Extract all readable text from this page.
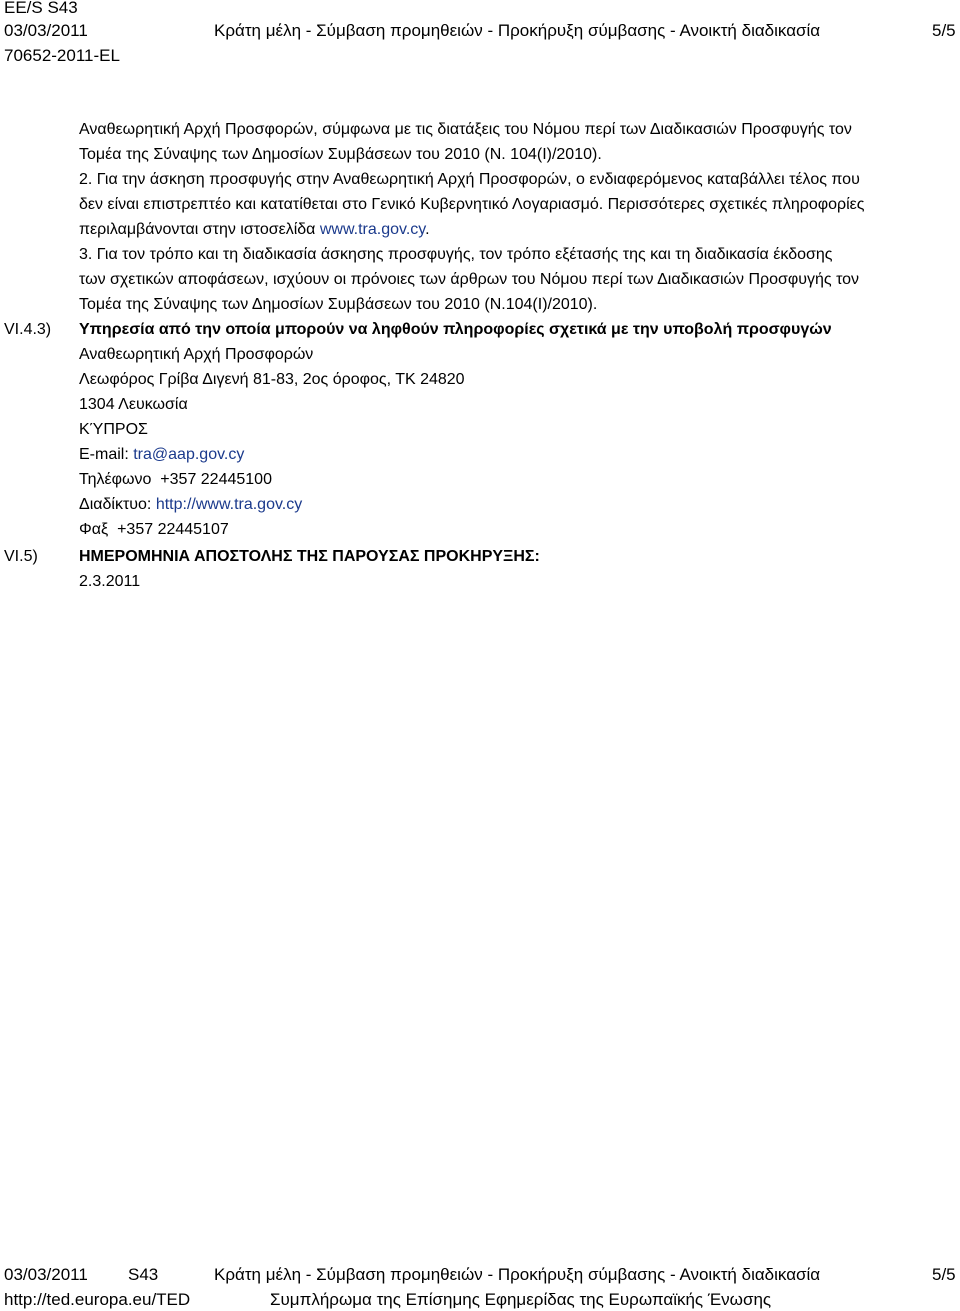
EE/S S43
03/03/2011
70652-2011-EL
Κράτη μέλη - Σύμβαση προμηθειών - Προκήρυξη σύμβασης - Ανοικτή διαδικασία	5/5

Αναθεωρητική Αρχή Προσφορών, σύμφωνα με τις διατάξεις του Νόμου περί των Διαδικασιών Προσφυγής τον

Τομέα της Σύναψης των Δημοσίων Συμβάσεων του 2010 (Ν. 104(Ι)/2010).

2. Για την άσκηση προσφυγής στην Αναθεωρητική Αρχή Προσφορών, ο ενδιαφερόμενος καταβάλλει τέλος που

δεν είναι επιστρεπτέο και κατατίθεται στο Γενικό Κυβερνητικό Λογαριασμό. Περισσότερες σχετικές πληροφορίες

περιλαμβάνονται στην ιστοσελίδα www.tra.gov.cy.

3. Για τον τρόπο και τη διαδικασία άσκησης προσφυγής, τον τρόπο εξέτασής της και τη διαδικασία έκδοσης

των σχετικών αποφάσεων, ισχύουν οι πρόνοιες των άρθρων του Νόμου περί των Διαδικασιών Προσφυγής τον

Τομέα της Σύναψης των Δημοσίων Συμβάσεων του 2010 (Ν.104(Ι)/2010).

VI.4.3) Υπηρεσία από την οποία μπορούν να ληφθούν πληροφορίες σχετικά με την υποβολή προσφυγών

Αναθεωρητική Αρχή Προσφορών

Λεωφόρος Γρίβα Διγενή 81-83, 2ος όροφος, ΤΚ 24820

1304 Λευκωσία

ΚΎΠΡΟΣ

E-mail: tra@aap.gov.cy

Τηλέφωνο +357 22445100

Διαδίκτυο: http://www.tra.gov.cy

Φαξ +357 22445107

VI.5)	ΗΜΕΡΟΜΗΝΙΑ ΑΠΟΣΤΟΛΗΣ ΤΗΣ ΠΑΡΟΥΣΑΣ ΠΡΟΚΗΡΥΞΗΣ:

2.3.2011

03/03/2011 S43	Κράτη μέλη - Σύμβαση προμηθειών - Προκήρυξη σύμβασης - Ανοικτή διαδικασία	5/5
http://ted.europa.eu/TED	Συμπλήρωμα της Επίσημης Εφημερίδας της Ευρωπαϊκής Ένωσης
